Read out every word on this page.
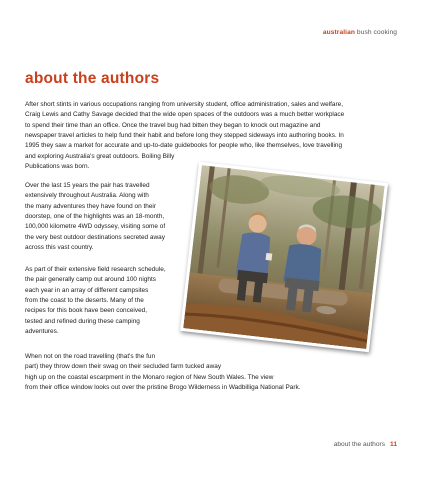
australian bush cooking
about the authors
After short stints in various occupations ranging from university student, office administration, sales and welfare,
Craig Lewis and Cathy Savage decided that the wide open spaces of the outdoors was a much better workplace
to spend their time than an office. Once the travel bug had bitten they began to knock out magazine and
newspaper travel articles to help fund their habit and before long they stepped sideways into authoring books. In
1995 they saw a market for accurate and up-to-date guidebooks for people who, like themselves, love travelling
and exploring Australia's great outdoors. Boiling Billy
Publications was born.
Over the last 15 years the pair has travelled
extensively throughout Australia. Along with
the many adventures they have found on their
doorstep, one of the highlights was an 18-month,
100,000 kilometre 4WD odyssey, visiting some of
the very best outdoor destinations secreted away
across this vast country.
As part of their extensive field research schedule,
the pair generally camp out around 100 nights
each year in an array of different campsites
from the coast to the deserts. Many of the
recipes for this book have been conceived,
tested and refined during these camping
adventures.
When not on the road travelling (that's the fun
part) they throw down their swag on their secluded farm tucked away
high up on the coastal escarpment in the Monaro region of New South Wales. The view
from their office window looks out over the pristine Brogo Wilderness in Wadbilliga National Park.
about the authors 11
